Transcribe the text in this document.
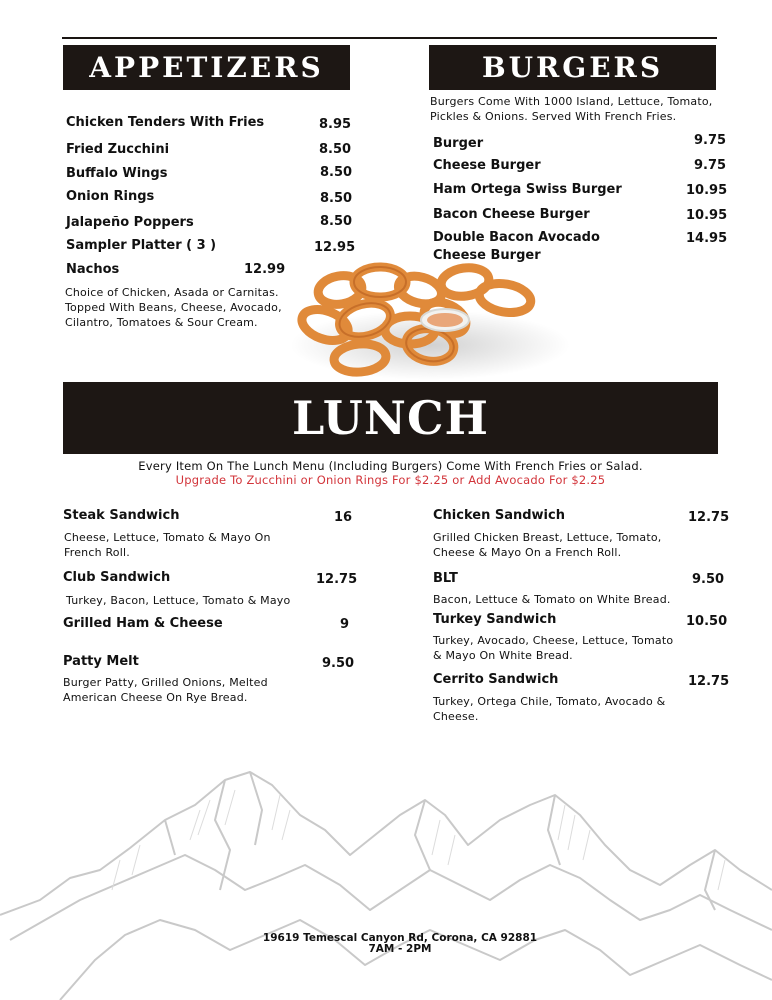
APPETIZERS
Chicken Tenders With Fries	8.95
Fried Zucchini	8.50
Buffalo Wings	8.50
Onion Rings	8.50
Jalapeño Poppers	8.50
Sampler Platter ( 3 )	12.95
Nachos	12.99
Choice of Chicken, Asada or Carnitas.
Topped With Beans, Cheese, Avocado,
Cilantro, Tomatoes & Sour Cream.
BURGERS
Burgers Come With 1000 Island, Lettuce, Tomato,
Pickles & Onions. Served With French Fries.
Burger	9.75
Cheese Burger	9.75
Ham Ortega Swiss Burger	10.95
Bacon Cheese Burger	10.95
Double Bacon Avocado
Cheese Burger
14.95
LUNCH
Every Item On The Lunch Menu (Including Burgers) Come With French Fries or Salad.
Upgrade To Zucchini or Onion Rings For $2.25 or Add Avocado For $2.25
Steak Sandwich	16
Cheese, Lettuce, Tomato & Mayo On
French Roll.
Club Sandwich	12.75
Turkey, Bacon, Lettuce, Tomato & Mayo
Grilled Ham & Cheese	9
Patty Melt	9.50
Burger Patty, Grilled Onions, Melted
American Cheese On Rye Bread.
Chicken Sandwich	12.75
Grilled Chicken Breast, Lettuce, Tomato,
Cheese & Mayo On a French Roll.
BLT	9.50
Bacon, Lettuce & Tomato on White Bread.
Turkey Sandwich	10.50
Turkey, Avocado, Cheese, Lettuce, Tomato
& Mayo On White Bread.
Cerrito Sandwich	12.75
Turkey, Ortega Chile, Tomato, Avocado &
Cheese.
19619 Temescal Canyon Rd, Corona, CA 92881
7AM - 2PM
